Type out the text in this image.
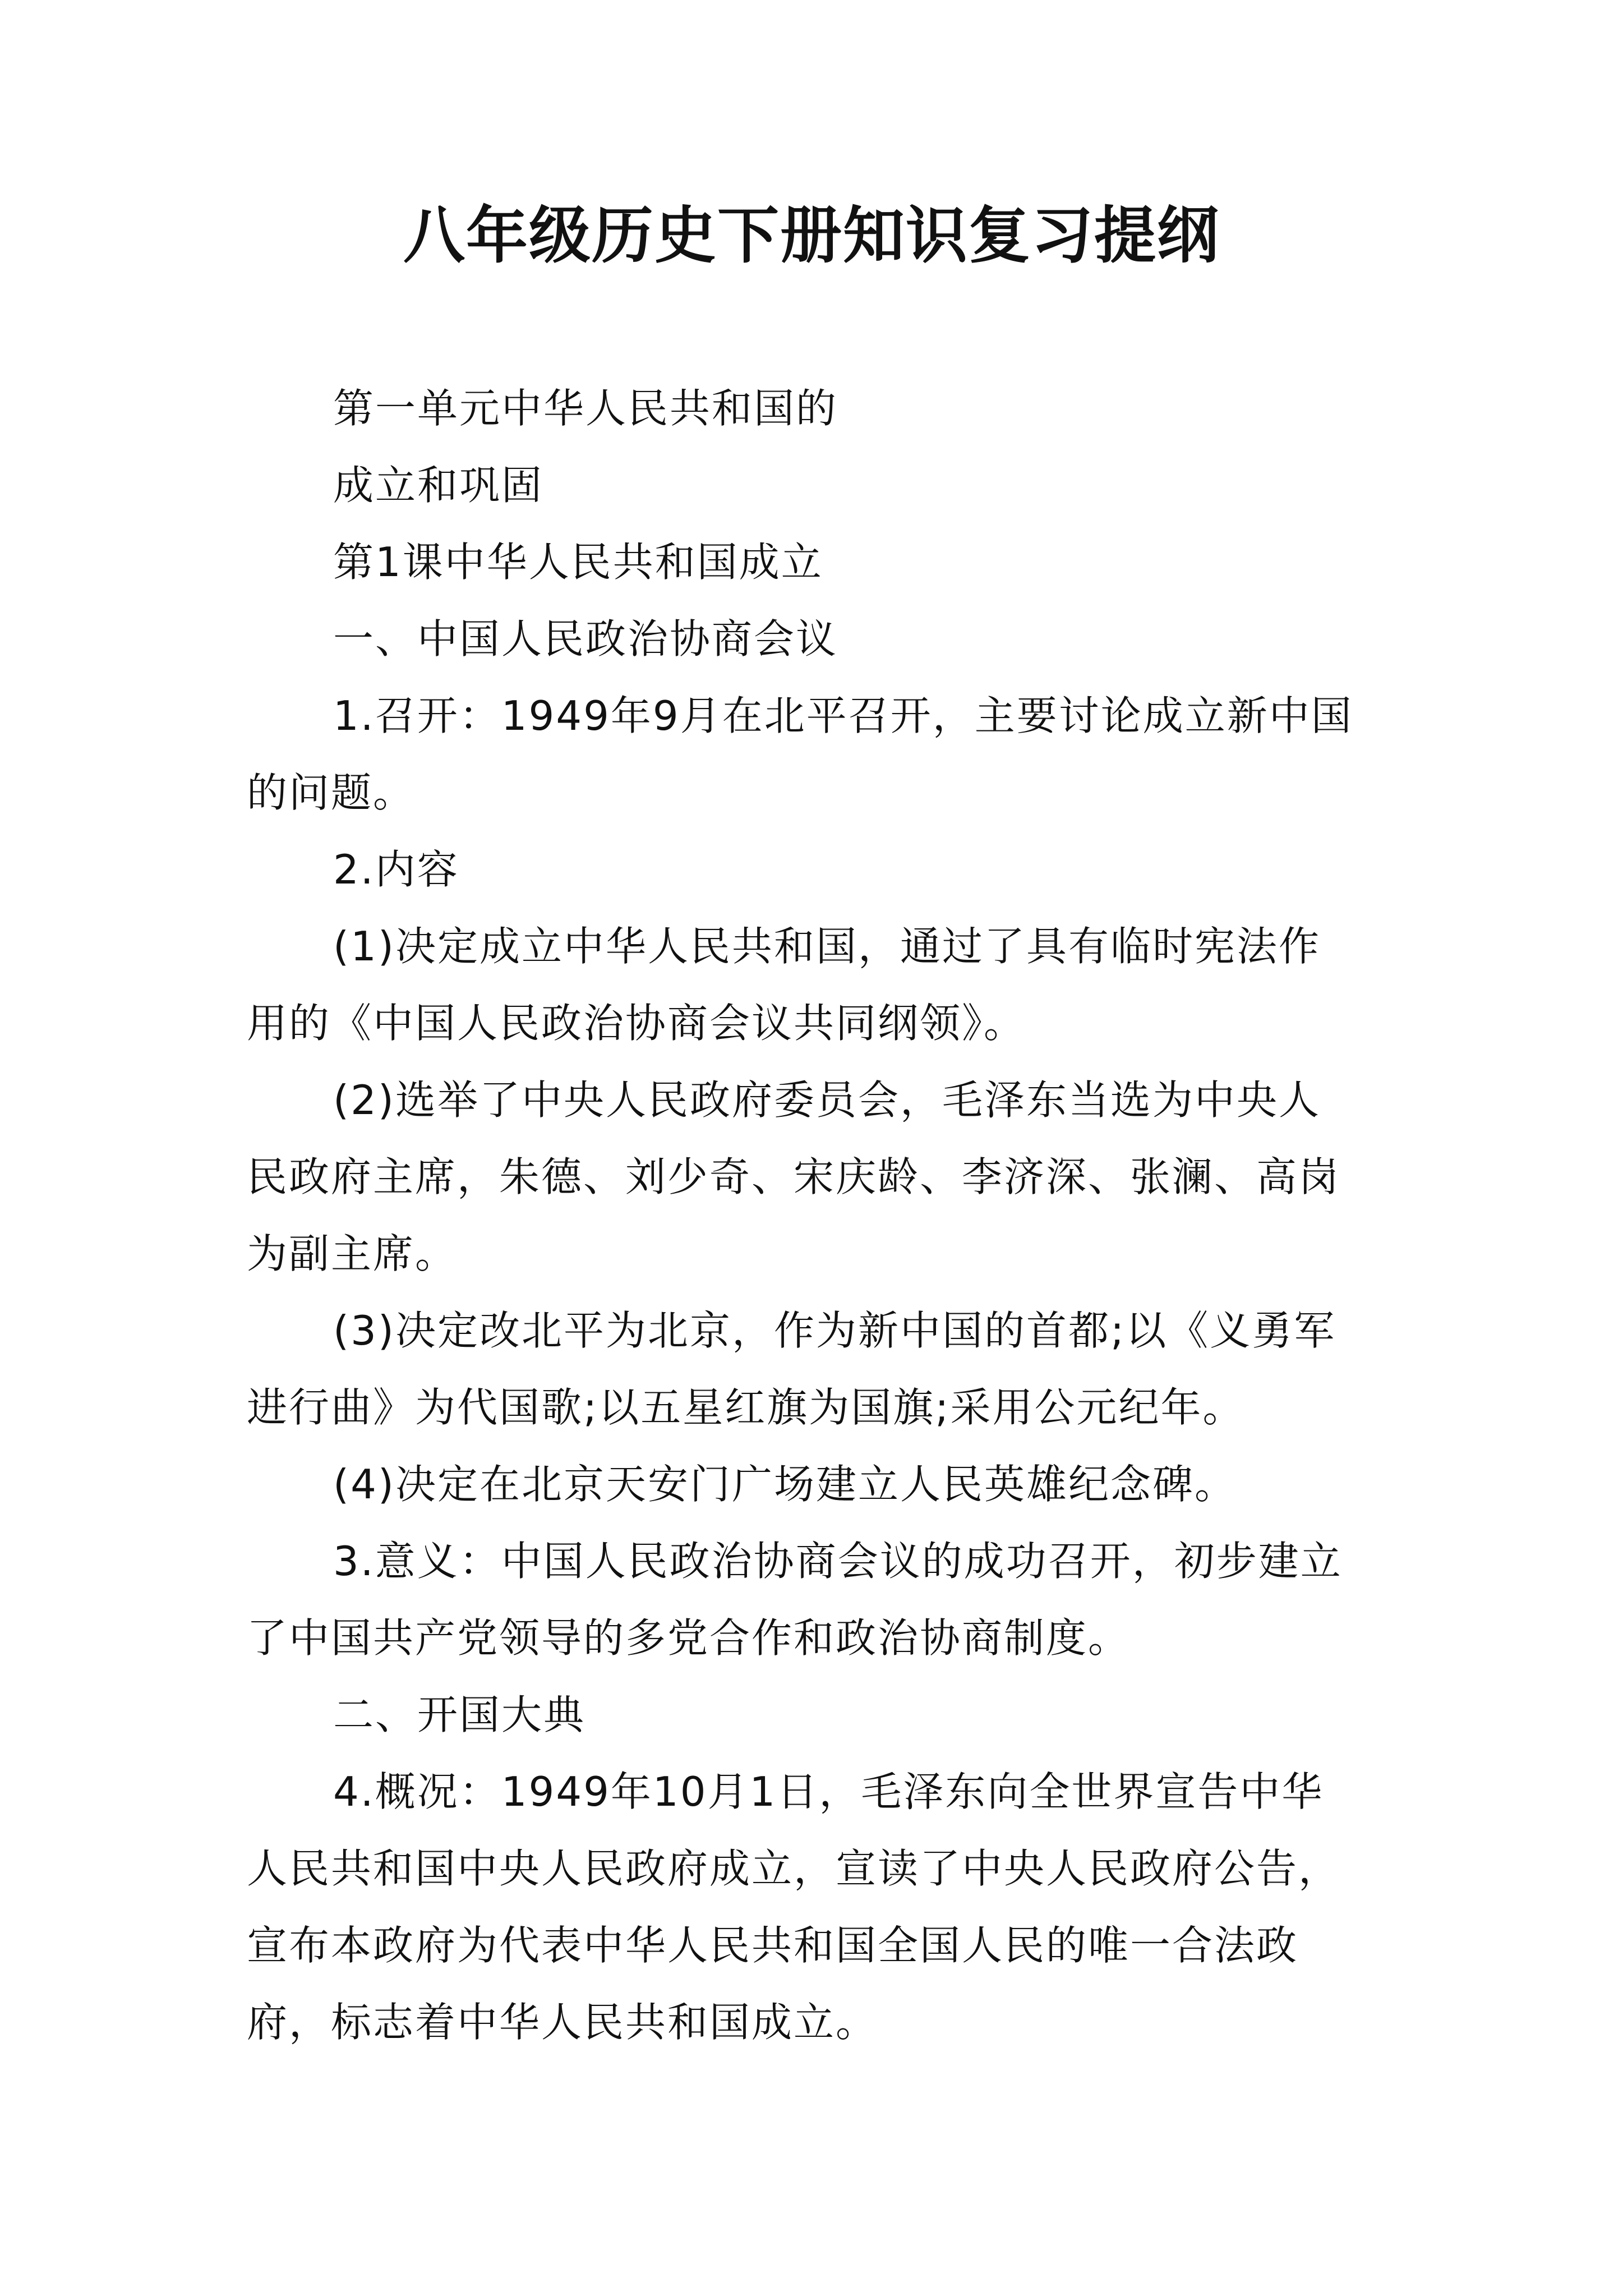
八年级历史下册知识复习提纲
第一单元中华人民共和国的
成立和巩固
第1课中华人民共和国成立
一、中国人民政治协商会议
1.召开：1949年9月在北平召开，主要讨论成立新中国
的问题。
2.内容
(1)决定成立中华人民共和国，通过了具有临时宪法作
用的《中国人民政治协商会议共同纲领》。
(2)选举了中央人民政府委员会，毛泽东当选为中央人
民政府主席，朱德、刘少奇、宋庆龄、李济深、张澜、高岗
为副主席。
(3)决定改北平为北京，作为新中国的首都;以《义勇军
进行曲》为代国歌;以五星红旗为国旗;采用公元纪年。
(4)决定在北京天安门广场建立人民英雄纪念碑。
3.意义：中国人民政治协商会议的成功召开，初步建立
了中国共产党领导的多党合作和政治协商制度。
二、开国大典
4.概况：1949年10月1日，毛泽东向全世界宣告中华
人民共和国中央人民政府成立，宣读了中央人民政府公告，
宣布本政府为代表中华人民共和国全国人民的唯一合法政
府，标志着中华人民共和国成立。
